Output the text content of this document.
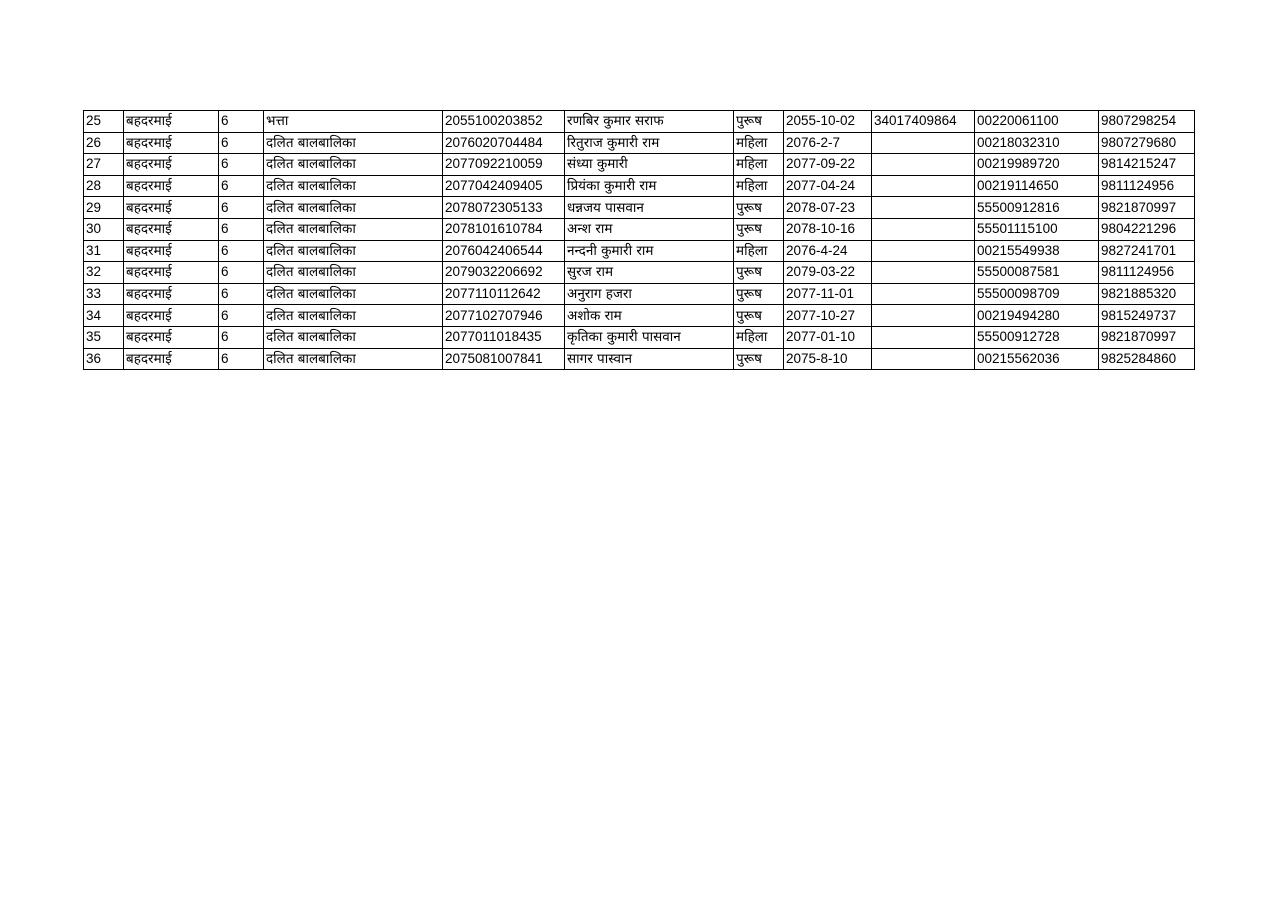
25	बहदरमाई	6	भत्ता	2055100203852	रणबिर कुमार सराफ	पुरूष	2055-10-02	34017409864	00220061100	9807298254
26	बहदरमाई	6	दलित बालबालिका	2076020704484	रितुराज कुमारी राम	महिला	2076-2-7		00218032310	9807279680
27	बहदरमाई	6	दलित बालबालिका	2077092210059	संध्या कुमारी	महिला	2077-09-22		00219989720	9814215247
28	बहदरमाई	6	दलित बालबालिका	2077042409405	प्रियंका कुमारी राम	महिला	2077-04-24		00219114650	9811124956
29	बहदरमाई	6	दलित बालबालिका	2078072305133	धन्नजय पासवान	पुरूष	2078-07-23		55500912816	9821870997
30	बहदरमाई	6	दलित बालबालिका	2078101610784	अन्श राम	पुरूष	2078-10-16		55501115100	9804221296
31	बहदरमाई	6	दलित बालबालिका	2076042406544	नन्दनी कुमारी राम	महिला	2076-4-24		00215549938	9827241701
32	बहदरमाई	6	दलित बालबालिका	2079032206692	सुरज राम	पुरूष	2079-03-22		55500087581	9811124956
33	बहदरमाई	6	दलित बालबालिका	2077110112642	अनुराग हजरा	पुरूष	2077-11-01		55500098709	9821885320
34	बहदरमाई	6	दलित बालबालिका	2077102707946	अशोक राम	पुरूष	2077-10-27		00219494280	9815249737
35	बहदरमाई	6	दलित बालबालिका	2077011018435	कृतिका कुमारी पासवान	महिला	2077-01-10		55500912728	9821870997
36	बहदरमाई	6	दलित बालबालिका	2075081007841	सागर पास्वान	पुरूष	2075-8-10		00215562036	9825284860
